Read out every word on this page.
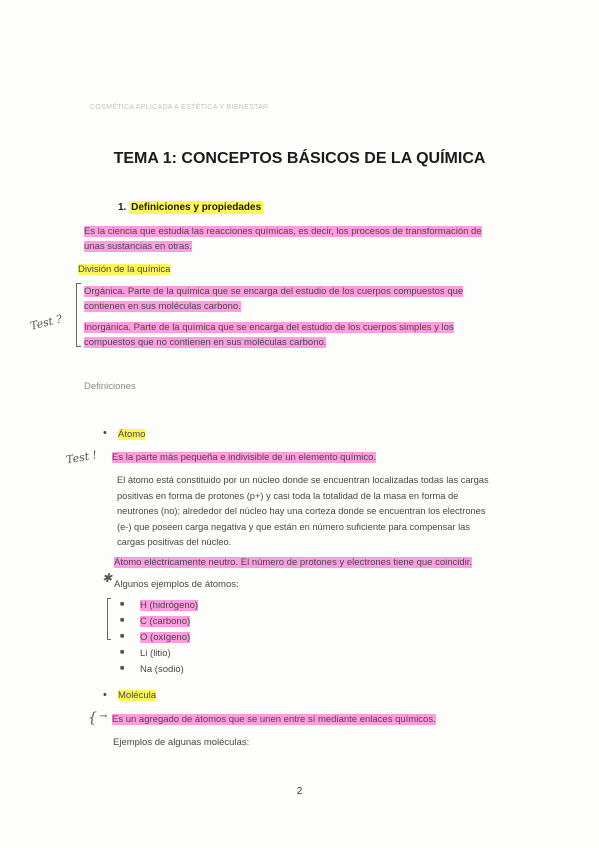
COSMÉTICA APLICADA A ESTÉTICA Y BIENESTAR
TEMA 1: CONCEPTOS BÁSICOS DE LA QUÍMICA
1. Definiciones y propiedades
Es la ciencia que estudia las reacciones químicas, es decir, los procesos de transformación de
unas sustancias en otras.
División de la química
Test ?
Orgánica. Parte de la química que se encarga del estudio de los cuerpos compuestos que
contienen en sus moléculas carbono.
Inorgánica. Parte de la química que se encarga del estudio de los cuerpos simples y los
compuestos que no contienen en sus moléculas carbono.
Definiciones
• Átomo
Test ! Es la parte más pequeña e indivisible de un elemento químico.
El átomo está constituido por un núcleo donde se encuentran localizadas todas las cargas
positivas en forma de protones (p+) y casi toda la totalidad de la masa en forma de
neutrones (no); alrededor del núcleo hay una corteza donde se encuentran los electrones
(e-) que poseen carga negativa y que están en número suficiente para compensar las
cargas positivas del núcleo.
Átomo eléctricamente neutro. El número de protones y electrones tiene que coincidir.
✱ Algunos ejemplos de átomos:
■ H (hidrógeno)
■ C (carbono)
■ O (oxígeno)
■ Li (litio)
■ Na (sodio)
• Molécula
{ → Es un agregado de átomos que se unen entre sí mediante enlaces químicos.
Ejemplos de algunas moléculas:
2
